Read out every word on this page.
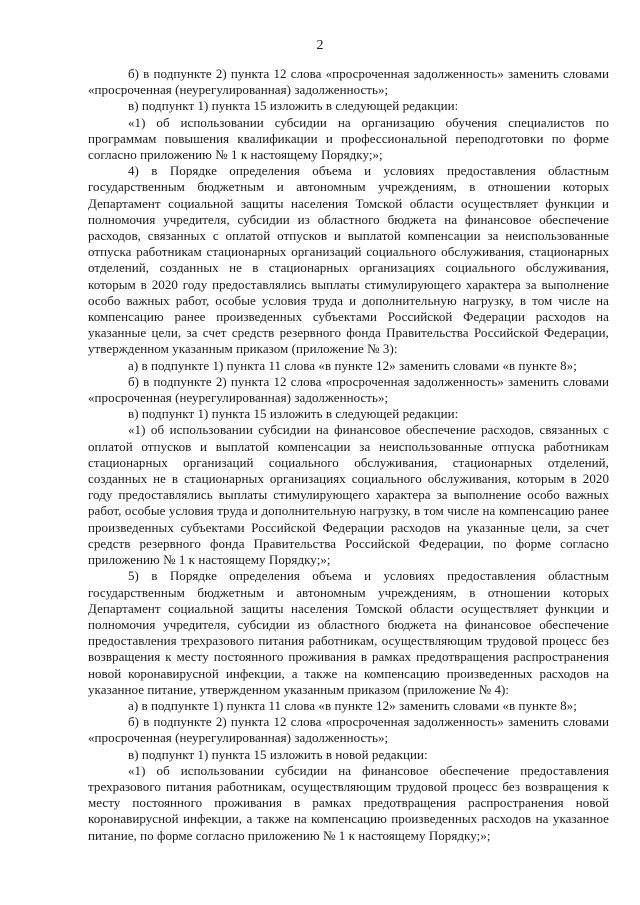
2

б) в подпункте 2) пункта 12 слова «просроченная задолженность» заменить словами «просроченная (неурегулированная) задолженность»;

в) подпункт 1) пункта 15 изложить в следующей редакции:

«1) об использовании субсидии на организацию обучения специалистов по программам повышения квалификации и профессиональной переподготовки по форме согласно приложению № 1 к настоящему Порядку;»;

4) в Порядке определения объема и условиях предоставления областным государственным бюджетным и автономным учреждениям, в отношении которых Департамент социальной защиты населения Томской области осуществляет функции и полномочия учредителя, субсидии из областного бюджета на финансовое обеспечение расходов, связанных с оплатой отпусков и выплатой компенсации за неиспользованные отпуска работникам стационарных организаций социального обслуживания, стационарных отделений, созданных не в стационарных организациях социального обслуживания, которым в 2020 году предоставлялись выплаты стимулирующего характера за выполнение особо важных работ, особые условия труда и дополнительную нагрузку, в том числе на компенсацию ранее произведенных субъектами Российской Федерации расходов на указанные цели, за счет средств резервного фонда Правительства Российской Федерации, утвержденном указанным приказом (приложение № 3):

а) в подпункте 1) пункта 11 слова «в пункте 12» заменить словами «в пункте 8»;

б) в подпункте 2) пункта 12 слова «просроченная задолженность» заменить словами «просроченная (неурегулированная) задолженность»;

в) подпункт 1) пункта 15 изложить в следующей редакции:

«1) об использовании субсидии на финансовое обеспечение расходов, связанных с оплатой отпусков и выплатой компенсации за неиспользованные отпуска работникам стационарных организаций социального обслуживания, стационарных отделений, созданных не в стационарных организациях социального обслуживания, которым в 2020 году предоставлялись выплаты стимулирующего характера за выполнение особо важных работ, особые условия труда и дополнительную нагрузку, в том числе на компенсацию ранее произведенных субъектами Российской Федерации расходов на указанные цели, за счет средств резервного фонда Правительства Российской Федерации, по форме согласно приложению № 1 к настоящему Порядку;»;

5) в Порядке определения объема и условиях предоставления областным государственным бюджетным и автономным учреждениям, в отношении которых Департамент социальной защиты населения Томской области осуществляет функции и полномочия учредителя, субсидии из областного бюджета на финансовое обеспечение предоставления трехразового питания работникам, осуществляющим трудовой процесс без возвращения к месту постоянного проживания в рамках предотвращения распространения новой коронавирусной инфекции, а также на компенсацию произведенных расходов на указанное питание, утвержденном указанным приказом (приложение № 4):

а) в подпункте 1) пункта 11 слова «в пункте 12» заменить словами «в пункте 8»;

б) в подпункте 2) пункта 12 слова «просроченная задолженность» заменить словами «просроченная (неурегулированная) задолженность»;

в) подпункт 1) пункта 15 изложить в новой редакции:

«1) об использовании субсидии на финансовое обеспечение предоставления трехразового питания работникам, осуществляющим трудовой процесс без возвращения к месту постоянного проживания в рамках предотвращения распространения новой коронавирусной инфекции, а также на компенсацию произведенных расходов на указанное питание, по форме согласно приложению № 1 к настоящему Порядку;»;
